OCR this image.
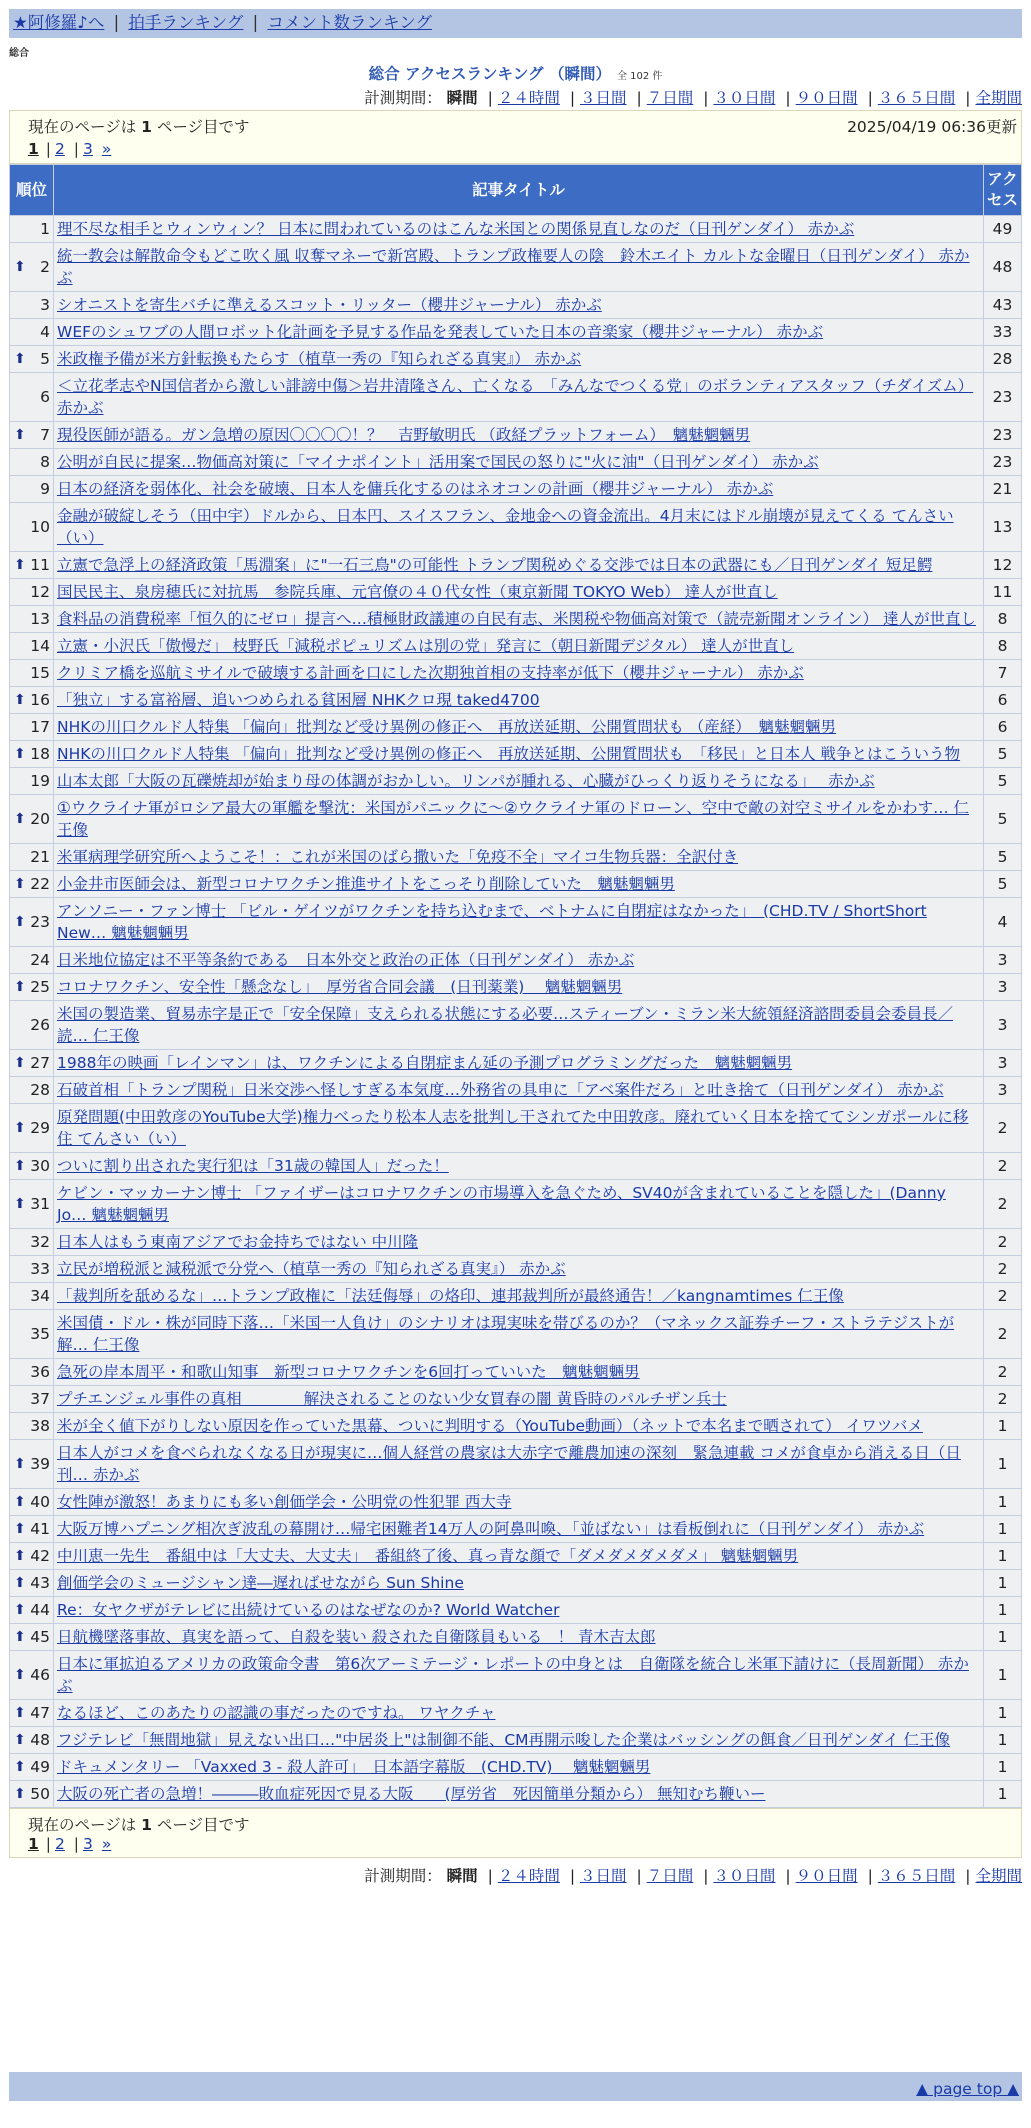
★阿修羅♪へ | 拍手ランキング | コメント数ランキング
総合
総合 アクセスランキング （瞬間） 全 102 件
計測期間： 瞬間 | ２４時間 | ３日間 | ７日間 | ３０日間 | ９０日間 | ３６５日間 | 全期間
現在のページは 1 ページ目です	2025/04/19 06:36更新
1 | 2 | 3 »
順位	記事タイトル	アクセス
1	理不尽な相手とウィンウィン？ 日本に問われているのはこんな米国との関係見直しなのだ（日刊ゲンダイ） 赤かぶ	49

⬆ 2	統一教会は解散命令もどこ吹く風 収奪マネーで新宮殿、トランプ政権要人の陰　鈴木エイト カルトな金曜日（日刊ゲンダイ） 赤かぶ	48
3	シオニストを寄生バチに準えるスコット・リッター（櫻井ジャーナル） 赤かぶ	43
4	WEFのシュワブの人間ロボット化計画を予見する作品を発表していた日本の音楽家（櫻井ジャーナル） 赤かぶ	33

⬆ 5	米政権予備が米方針転換もたらす（植草一秀の『知られざる真実』） 赤かぶ	28
6	＜立花孝志やN国信者から激しい誹謗中傷＞岩井清隆さん、亡くなる　「みんなでつくる党」のボランティアスタッフ（チダイズム） 赤かぶ	23

⬆ 7	現役医師が語る。ガン急増の原因〇〇〇〇！？　吉野敏明氏 （政経プラットフォーム）　魑魅魍魎男	23
8	公明が自民に提案…物価高対策に「マイナポイント」活用案で国民の怒りに"火に油"（日刊ゲンダイ） 赤かぶ	23
9	日本の経済を弱体化、社会を破壊、日本人を傭兵化するのはネオコンの計画（櫻井ジャーナル） 赤かぶ	21
10	金融が破綻しそう（田中宇）ドルから、日本円、スイスフラン、金地金への資金流出。4月末にはドル崩壊が見えてくる てんさい（い）	13

⬆ 11	立憲で急浮上の経済政策「馬淵案」に"一石三鳥"の可能性 トランプ関税めぐる交渉では日本の武器にも／日刊ゲンダイ 短足鰐	12
12	国民民主、泉房穂氏に対抗馬　参院兵庫、元官僚の４０代女性（東京新聞 TOKYO Web） 達人が世直し	11
13	食料品の消費税率「恒久的にゼロ」提言へ…積極財政議連の自民有志、米関税や物価高対策で（読売新聞オンライン） 達人が世直し	8
14	立憲・小沢氏「傲慢だ」 枝野氏「減税ポピュリズムは別の党」発言に（朝日新聞デジタル） 達人が世直し	8
15	クリミア橋を巡航ミサイルで破壊する計画を口にした次期独首相の支持率が低下（櫻井ジャーナル） 赤かぶ	7

⬆ 16	「独立」する富裕層、追いつめられる貧困層 NHKクロ現 taked4700	6
17	NHKの川口クルド人特集 「偏向」批判など受け異例の修正へ　再放送延期、公開質問状も （産経）　魑魅魍魎男	6

⬆ 18	NHKの川口クルド人特集 「偏向」批判など受け異例の修正へ　再放送延期、公開質問状も　「移民」と日本人 戦争とはこういう物	5
19	山本太郎「大阪の瓦礫焼却が始まり母の体調がおかしい。リンパが腫れる、心臓がひっくり返りそうになる」　 赤かぶ	5

⬆ 20	①ウクライナ軍がロシア最大の軍艦を撃沈：米国がパニックに～②ウクライナ軍のドローン、空中で敵の対空ミサイルをかわす… 仁王像	5
21	米軍病理学研究所へようこそ！：これが米国のばら撒いた「免疫不全」マイコ生物兵器：全訳付き	5

⬆ 22	小金井市医師会は、新型コロナワクチン推進サイトをこっそり削除していた　魑魅魍魎男	5

⬆ 23	アンソニー・ファン博士 「ビル・ゲイツがワクチンを持ち込むまで、ベトナムに自閉症はなかった」　(CHD.TV / ShortShort New… 魑魅魍魎男	4
24	日米地位協定は不平等条約である　日本外交と政治の正体（日刊ゲンダイ） 赤かぶ	3

⬆ 25	コロナワクチン、安全性「懸念なし」　厚労省合同会議　(日刊薬業)　 魑魅魍魎男	3
26	米国の製造業、貿易赤字是正で「安全保障」支えられる状態にする必要…スティーブン・ミラン米大統領経済諮問委員会委員長／ 読… 仁王像	3

⬆ 27	1988年の映画「レインマン」は、ワクチンによる自閉症まん延の予測プログラミングだった　魑魅魍魎男	3
28	石破首相「トランプ関税」日米交渉へ怪しすぎる本気度…外務省の具申に「アベ案件だろ」と吐き捨て（日刊ゲンダイ） 赤かぶ	3

⬆ 29	原発問題(中田敦彦のYouTube大学)権力べったり松本人志を批判し干されてた中田敦彦。廃れていく日本を捨ててシンガポールに移住 てんさい（い）	2

⬆ 30	ついに割り出された実行犯は「31歳の韓国人」だった！	2

⬆ 31	ケビン・マッカーナン博士 「ファイザーはコロナワクチンの市場導入を急ぐため、SV40が含まれていることを隠した」(Danny Jo… 魑魅魍魎男	2
32	日本人はもう東南アジアでお金持ちではない 中川隆	2
33	立民が増税派と減税派で分党へ（植草一秀の『知られざる真実』） 赤かぶ	2
34	「裁判所を舐めるな」…トランプ政権に「法廷侮辱」の烙印、連邦裁判所が最終通告！／kangnamtimes 仁王像	2
35	米国債・ドル・株が同時下落…「米国一人負け」のシナリオは現実味を帯びるのか？（マネックス証券チーフ・ストラテジストが解… 仁王像	2
36	急死の岸本周平・和歌山知事　新型コロナワクチンを6回打っていいた　魑魅魍魎男	2
37	プチエンジェル事件の真相　　　　解決されることのない少女買春の闇 黄昏時のパルチザン兵士	2
38	米が全く値下がりしない原因を作っていた黒幕、ついに判明する（YouTube動画）（ネットで本名まで晒されて） イワツバメ	1

⬆ 39	日本人がコメを食べられなくなる日が現実に…個人経営の農家は大赤字で離農加速の深刻　緊急連載 コメが食卓から消える日（日刊… 赤かぶ	1

⬆ 40	女性陣が激怒！あまりにも多い創価学会・公明党の性犯罪 西大寺	1

⬆ 41	大阪万博ハプニング相次ぎ波乱の幕開け…帰宅困難者14万人の阿鼻叫喚、「並ばない」は看板倒れに（日刊ゲンダイ） 赤かぶ	1

⬆ 42	中川恵一先生　番組中は「大丈夫、大丈夫」　番組終了後、真っ青な顔で「ダメダメダメダメ」 魑魅魍魎男	1

⬆ 43	創価学会のミュージシャン達―遅ればせながら Sun Shine	1

⬆ 44	Re：女ヤクザがテレビに出続けているのはなぜなのか? World Watcher	1

⬆ 45	日航機墜落事故、真実を語って、自殺を装い 殺された自衛隊員もいる　！ 青木吉太郎	1

⬆ 46	日本に軍拡迫るアメリカの政策命令書　第6次アーミテージ・レポートの中身とは　自衛隊を統合し米軍下請けに（長周新聞） 赤かぶ	1

⬆ 47	なるほど、このあたりの認識の事だったのですね。 ワヤクチャ	1

⬆ 48	フジテレビ「無間地獄」見えない出口…"中居炎上"は制御不能、CM再開示唆した企業はバッシングの餌食／日刊ゲンダイ 仁王像	1

⬆ 49	ドキュメンタリー 「Vaxxed 3 - 殺人許可」　日本語字幕版　(CHD.TV)　 魑魅魍魎男	1

⬆ 50	大阪の死亡者の急増！―――敗血症死因で見る大阪　　(厚労省　死因簡単分類から） 無知むち鞭いー	1
現在のページは 1 ページ目です
1 | 2 | 3 »
計測期間： 瞬間 | ２４時間 | ３日間 | ７日間 | ３０日間 | ９０日間 | ３６５日間 | 全期間
▲ page top ▲
